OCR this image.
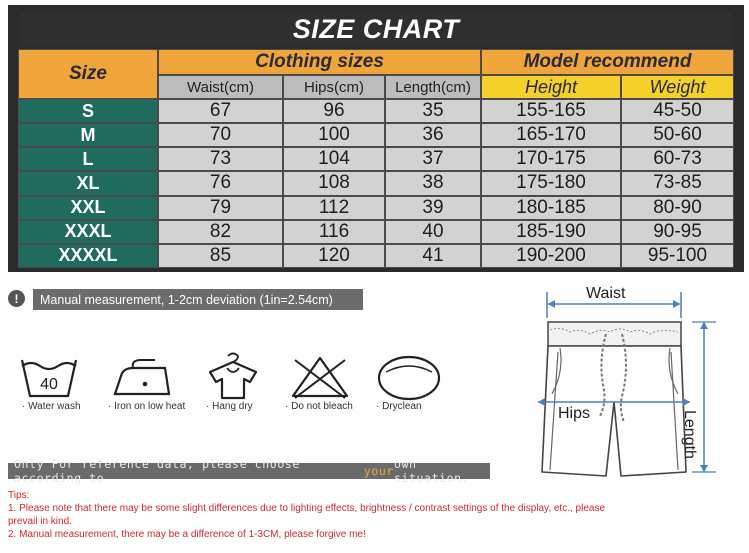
SIZE CHART
Size
Clothing sizes	Model recommend
Waist(cm)	Hips(cm)	Length(cm)	Height	Weight
S	67	96	35	155-165	45-50
M	70	100	36	165-170	50-60
L	73	104	37	170-175	60-73
XL	76	108	38	175-180	73-85
XXL	79	112	39	180-185	80-90
XXXL	82	116	40	185-190	90-95
XXXXL	85	120	41	190-200	95-100
!	Manual measurement, 1-2cm deviation (1in=2.54cm)
40
· Water wash	· Iron on low heat · Hang dry	· Do not bleach · Dryclean
Only For reference data, please choose according to	your own situation.
Tips:
1. Please note that there may be some slight differences due to lighting effects, brightness / contrast settings of the display, etc., please prevail in kind.
2. Manual measurement, there may be a difference of 1-3CM, please forgive me!
Waist
Hips	Length
